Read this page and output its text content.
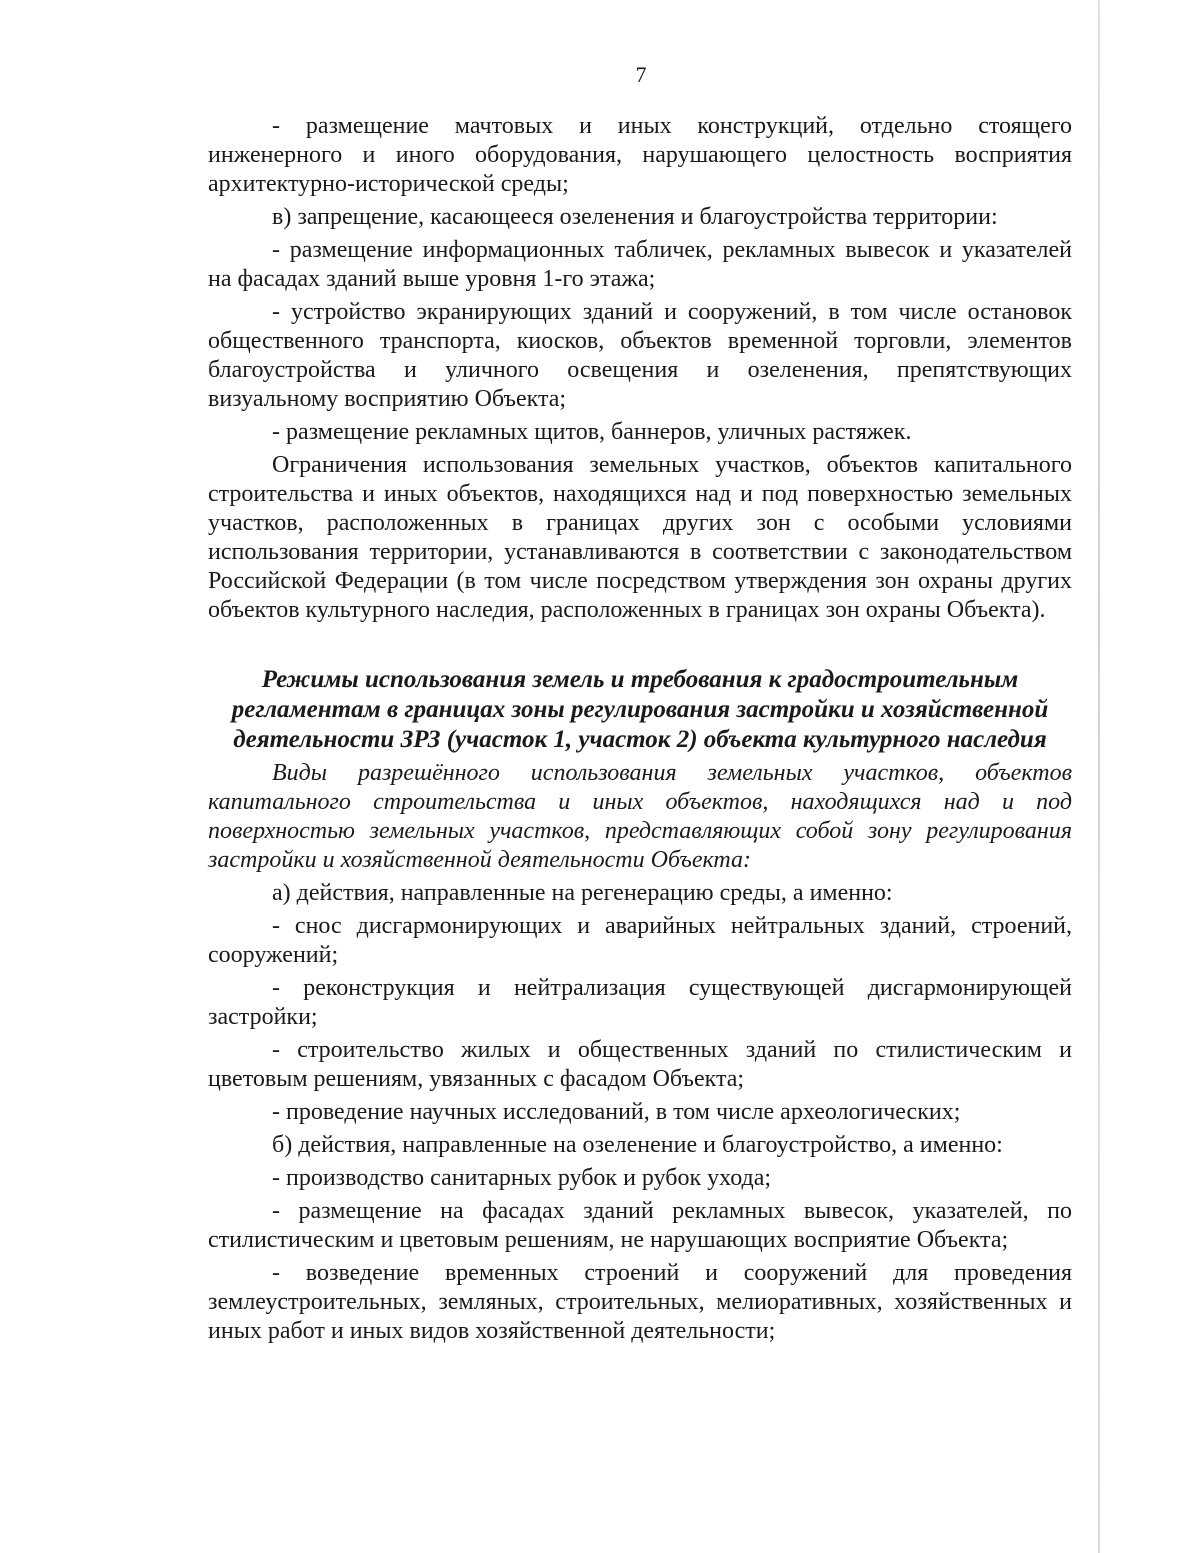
7

- размещение мачтовых и иных конструкций, отдельно стоящего инженерного и иного оборудования, нарушающего целостность восприятия архитектурно-исторической среды;

в) запрещение, касающееся озеленения и благоустройства территории:

- размещение информационных табличек, рекламных вывесок и указателей на фасадах зданий выше уровня 1-го этажа;

- устройство экранирующих зданий и сооружений, в том числе остановок общественного транспорта, киосков, объектов временной торговли, элементов благоустройства и уличного освещения и озеленения, препятствующих визуальному восприятию Объекта;

- размещение рекламных щитов, баннеров, уличных растяжек.

Ограничения использования земельных участков, объектов капитального строительства и иных объектов, находящихся над и под поверхностью земельных участков, расположенных в границах других зон с особыми условиями использования территории, устанавливаются в соответствии с законодательством Российской Федерации (в том числе посредством утверждения зон охраны других объектов культурного наследия, расположенных в границах зон охраны Объекта).

Режимы использования земель и требования к градостроительным регламентам в границах зоны регулирования застройки и хозяйственной деятельности ЗРЗ (участок 1, участок 2) объекта культурного наследия

Виды разрешённого использования земельных участков, объектов капитального строительства и иных объектов, находящихся над и под поверхностью земельных участков, представляющих собой зону регулирования застройки и хозяйственной деятельности Объекта:

а) действия, направленные на регенерацию среды, а именно:

- снос дисгармонирующих и аварийных нейтральных зданий, строений, сооружений;

- реконструкция и нейтрализация существующей дисгармонирующей застройки;

- строительство жилых и общественных зданий по стилистическим и цветовым решениям, увязанных с фасадом Объекта;

- проведение научных исследований, в том числе археологических;

б) действия, направленные на озеленение и благоустройство, а именно:

- производство санитарных рубок и рубок ухода;

- размещение на фасадах зданий рекламных вывесок, указателей, по стилистическим и цветовым решениям, не нарушающих восприятие Объекта;

- возведение временных строений и сооружений для проведения землеустроительных, земляных, строительных, мелиоративных, хозяйственных и иных работ и иных видов хозяйственной деятельности;
